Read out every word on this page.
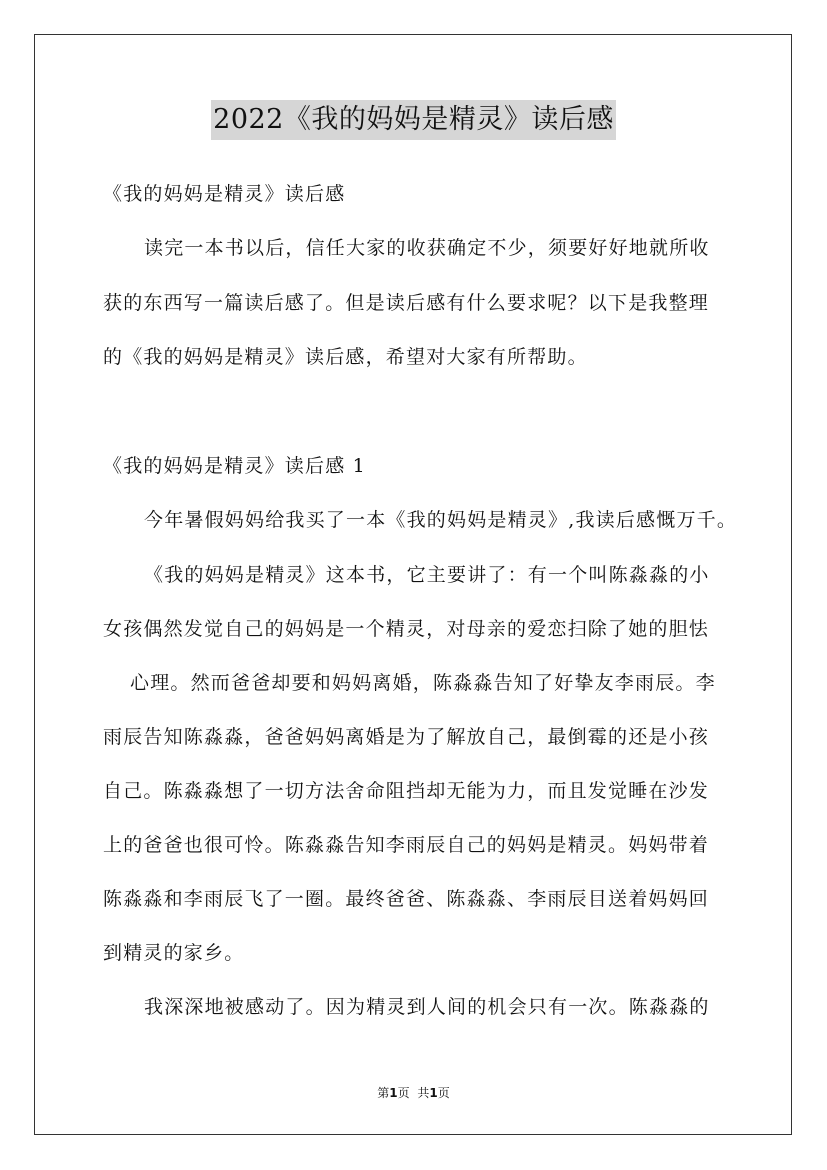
2022《我的妈妈是精灵》读后感
《我的妈妈是精灵》读后感
读完一本书以后，信任大家的收获确定不少，须要好好地就所收
获的东西写一篇读后感了。但是读后感有什么要求呢？以下是我整理
的《我的妈妈是精灵》读后感，希望对大家有所帮助。
《我的妈妈是精灵》读后感 1
今年暑假妈妈给我买了一本《我的妈妈是精灵》,我读后感慨万千。
《我的妈妈是精灵》这本书，它主要讲了：有一个叫陈淼淼的小
女孩偶然发觉自己的妈妈是一个精灵，对母亲的爱恋扫除了她的胆怯
心理。然而爸爸却要和妈妈离婚，陈淼淼告知了好挚友李雨辰。李
雨辰告知陈淼淼，爸爸妈妈离婚是为了解放自己，最倒霉的还是小孩
自己。陈淼淼想了一切方法舍命阻挡却无能为力，而且发觉睡在沙发
上的爸爸也很可怜。陈淼淼告知李雨辰自己的妈妈是精灵。妈妈带着
陈淼淼和李雨辰飞了一圈。最终爸爸、陈淼淼、李雨辰目送着妈妈回
到精灵的家乡。
我深深地被感动了。因为精灵到人间的机会只有一次。陈淼淼的
第1页 共1页
